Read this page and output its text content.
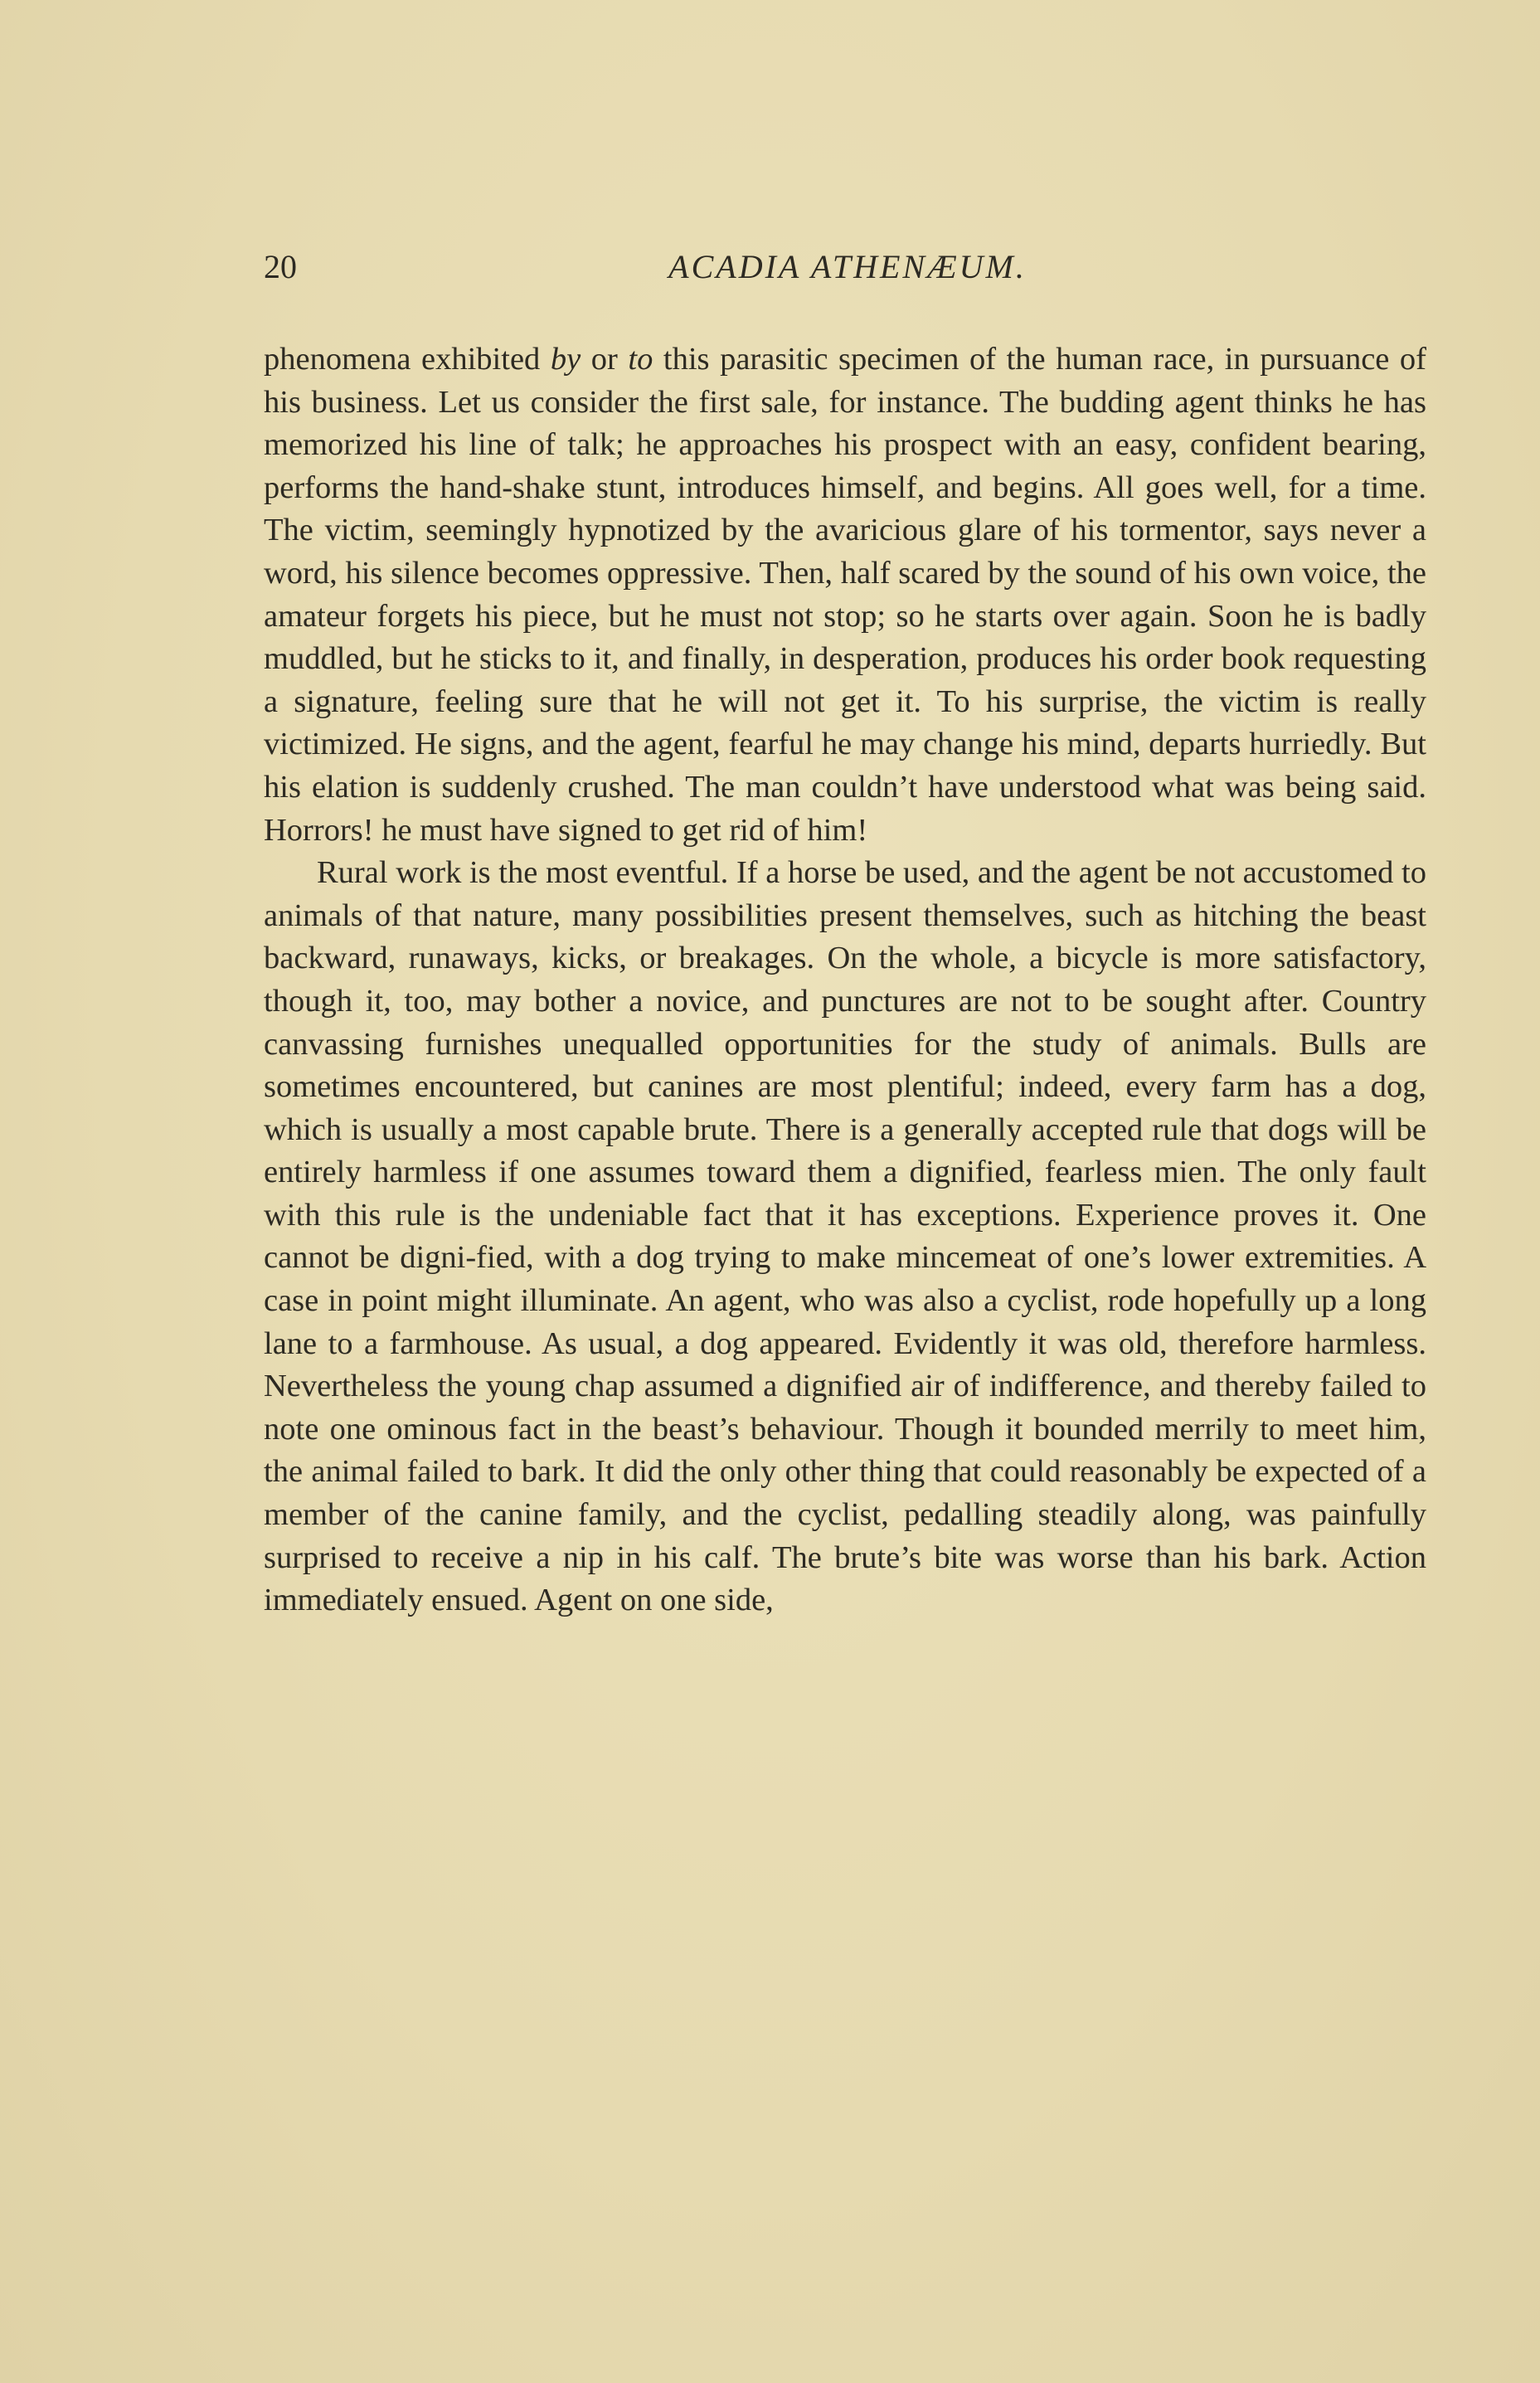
20	ACADIA ATHENÆUM.

phenomena exhibited by or to this parasitic specimen of the human race, in pursuance of his business. Let us consider the first sale, for instance. The budding agent thinks he has memorized his line of talk; he approaches his prospect with an easy, confident bearing, performs the hand-shake stunt, introduces himself, and begins. All goes well, for a time. The victim, seemingly hypnotized by the avaricious glare of his tormentor, says never a word, his silence becomes oppressive. Then, half scared by the sound of his own voice, the amateur forgets his piece, but he must not stop; so he starts over again. Soon he is badly muddled, but he sticks to it, and finally, in desperation, produces his order book requesting a signature, feeling sure that he will not get it. To his surprise, the victim is really victimized. He signs, and the agent, fearful he may change his mind, departs hurriedly. But his elation is suddenly crushed. The man couldn’t have understood what was being said. Horrors! he must have signed to get rid of him!

Rural work is the most eventful. If a horse be used, and the agent be not accustomed to animals of that nature, many possibilities present themselves, such as hitching the beast backward, runaways, kicks, or breakages. On the whole, a bicycle is more satisfactory, though it, too, may bother a novice, and punctures are not to be sought after. Country canvassing furnishes unequalled opportunities for the study of animals. Bulls are sometimes encountered, but canines are most plentiful; indeed, every farm has a dog, which is usually a most capable brute. There is a generally accepted rule that dogs will be entirely harmless if one assumes toward them a dignified, fearless mien. The only fault with this rule is the undeniable fact that it has exceptions. Experience proves it. One cannot be digni-fied, with a dog trying to make mincemeat of one’s lower extremities. A case in point might illuminate. An agent, who was also a cyclist, rode hopefully up a long lane to a farmhouse. As usual, a dog appeared. Evidently it was old, therefore harmless. Nevertheless the young chap assumed a dignified air of indifference, and thereby failed to note one ominous fact in the beast’s behaviour. Though it bounded merrily to meet him, the animal failed to bark. It did the only other thing that could reasonably be expected of a member of the canine family, and the cyclist, pedalling steadily along, was painfully surprised to receive a nip in his calf. The brute’s bite was worse than his bark. Action immediately ensued. Agent on one side,
